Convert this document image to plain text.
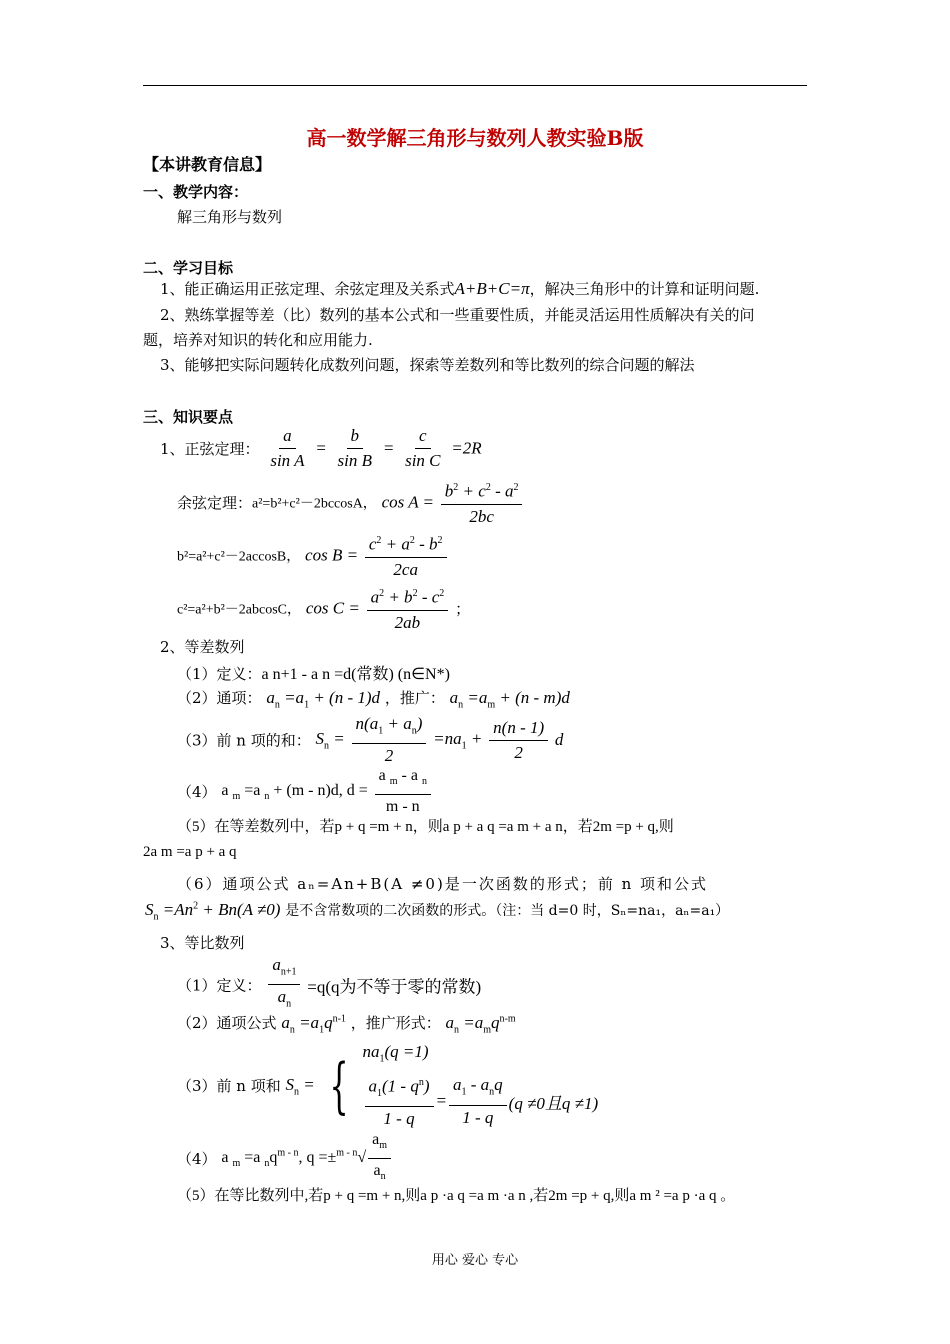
高一数学解三角形与数列人教实验B版
【本讲教育信息】
一、教学内容：
解三角形与数列
二、学习目标
1、能正确运用正弦定理、余弦定理及关系式A+B+C=π，解决三角形中的计算和证明问题.
2、熟练掌握等差（比）数列的基本公式和一些重要性质，并能灵活运用性质解决有关的问
题，培养对知识的转化和应用能力.
3、能够把实际问题转化成数列问题，探索等差数列和等比数列的综合问题的解法
三、知识要点
1、正弦定理： $\frac{a}{\text{sin A}} = \frac{b}{\text{sin B}} = \frac{c}{\text{sin C}} =2R$
余弦定理：a²=b²+c²－2bccosA， $\cos A = \frac{b^2 + c^2 - a^2}{2bc}$
b²=a²+c²－2accosB， $\cos B = \frac{c^2 + a^2 - b^2}{2ca}$
c²=a²+b²－2abcosC， $\cos C = \frac{a^2 + b^2 - c^2}{2ab}$ ；
2、等差数列
（1）定义：a n+1 - a n =d(常数) (n∈N*)
（2）通项： $a_n =a_1 + (n - 1)d$ ，推广： $a_n =a_m + (n - m)d$
（3）前 n 项的和： $S_n = \frac{n(a_1 + a_n)}{2} =na_1 + \frac{n(n - 1)}{2}$ d
（4） a $_m$ =a $_n$ + (m - n)d, $d = \frac{a _m - a _n}{m - n}$
（5）在等差数列中，若p + q =m + n，则a p + a q =a m + a n，若2m =p + q,则
2a m =a p + a q
（6）通项公式 aₙ=An+B(A ≠0)是一次函数的形式；前 n 项和公式
$S_n =An^2 + Bn(A \ne 0)$ 是不含常数项的二次函数的形式。（注：当 d=0 时，Sₙ=na₁，aₙ=a₁）
3、等比数列
（1）定义： $\frac{a_{n+1}}{a_n} =q(q$为不等于零的常数)
（2）通项公式 $a_n =a_1q^{n-1}$ ，推广形式： $a_n =a_mq^{n-m}$
（3）前 n 项和 $S_n$ = { $na_1(q =1)$
$\frac{a_1(1 - q^n)}{1 - q} = \frac{a_1 - a_nq}{1 - q} (q \ne 0$且q ≠1)
（4） a $_m$ =a $_nq^{m - n}$, $q =\pm^{m - n}√ \frac{a_m}{a_n}$
（5）在等比数列中,若p + q =m + n,则a p ·a q =a m ·a n ,若2m =p + q,则a m ² =a p ·a q 。
用心 爱心 专心
